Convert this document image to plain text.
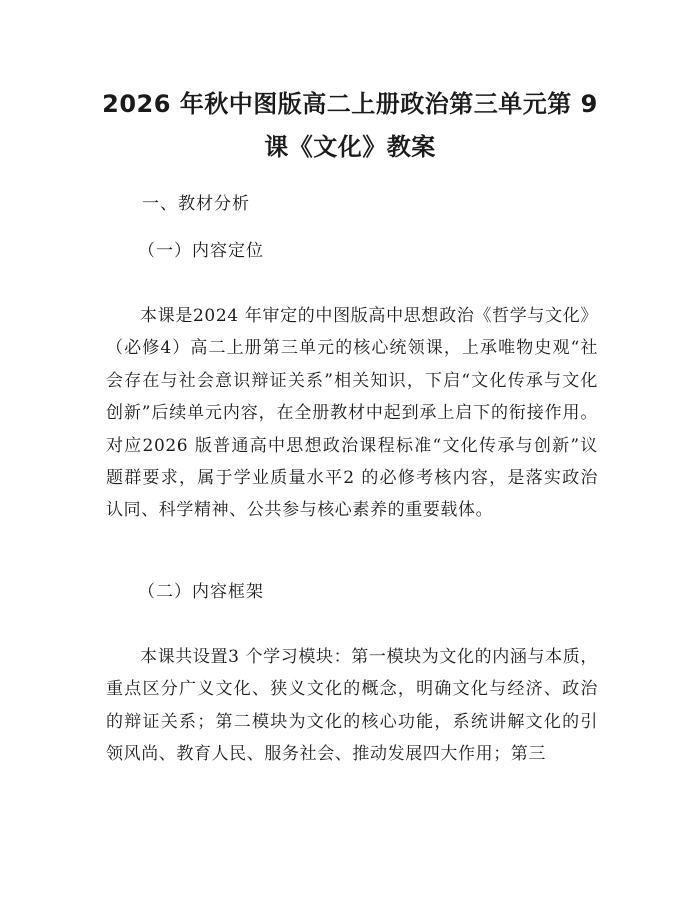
2026 年秋中图版高二上册政治第三单元第 9
课《文化》教案
一、教材分析
（一）内容定位

本课是2024 年审定的中图版高中思想政治《哲学与文化》（必修4）高二上册第三单元的核心统领课，上承唯物史观“社会存在与社会意识辩证关系”相关知识，下启“文化传承与文化创新”后续单元内容，在全册教材中起到承上启下的衔接作用。对应2026 版普通高中思想政治课程标准“文化传承与创新”议题群要求，属于学业质量水平2 的必修考核内容，是落实政治认同、科学精神、公共参与核心素养的重要载体。

（二）内容框架

本课共设置3 个学习模块：第一模块为文化的内涵与本质，重点区分广义文化、狭义文化的概念，明确文化与经济、政治的辩证关系；第二模块为文化的核心功能，系统讲解文化的引领风尚、教育人民、服务社会、推动发展四大作用；第三
